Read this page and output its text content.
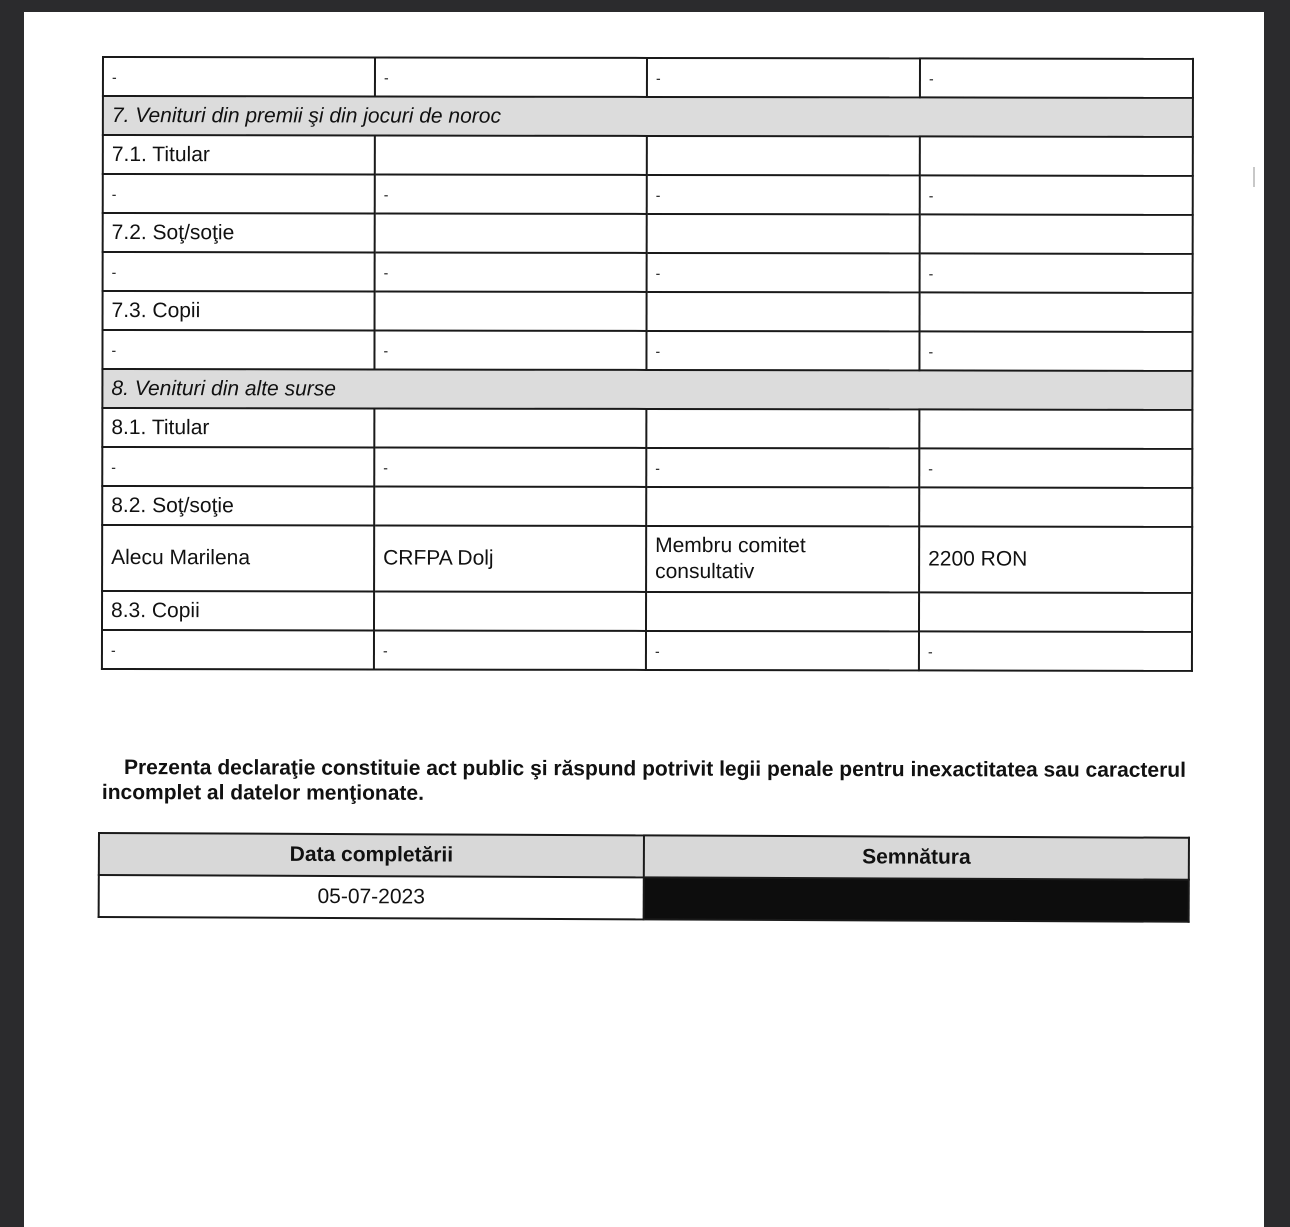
-	-	-	-
7. Venituri din premii şi din jocuri de noroc			
7.1. Titular			
-	-	-	-
7.2. Soţ/soţie			
-	-	-	-
7.3. Copii			
-	-	-	-
8. Venituri din alte surse			
8.1. Titular			
-	-	-	-
8.2. Soţ/soţie			
Alecu Marilena	CRFPA Dolj	Membru comitet consultativ	2200 RON
8.3. Copii			
-	-	-	-

Prezenta declaraţie constituie act public şi răspund potrivit legii penale pentru inexactitatea sau caracterul incomplet al datelor menţionate.

Data completării	Semnătura
05-07-2023	
